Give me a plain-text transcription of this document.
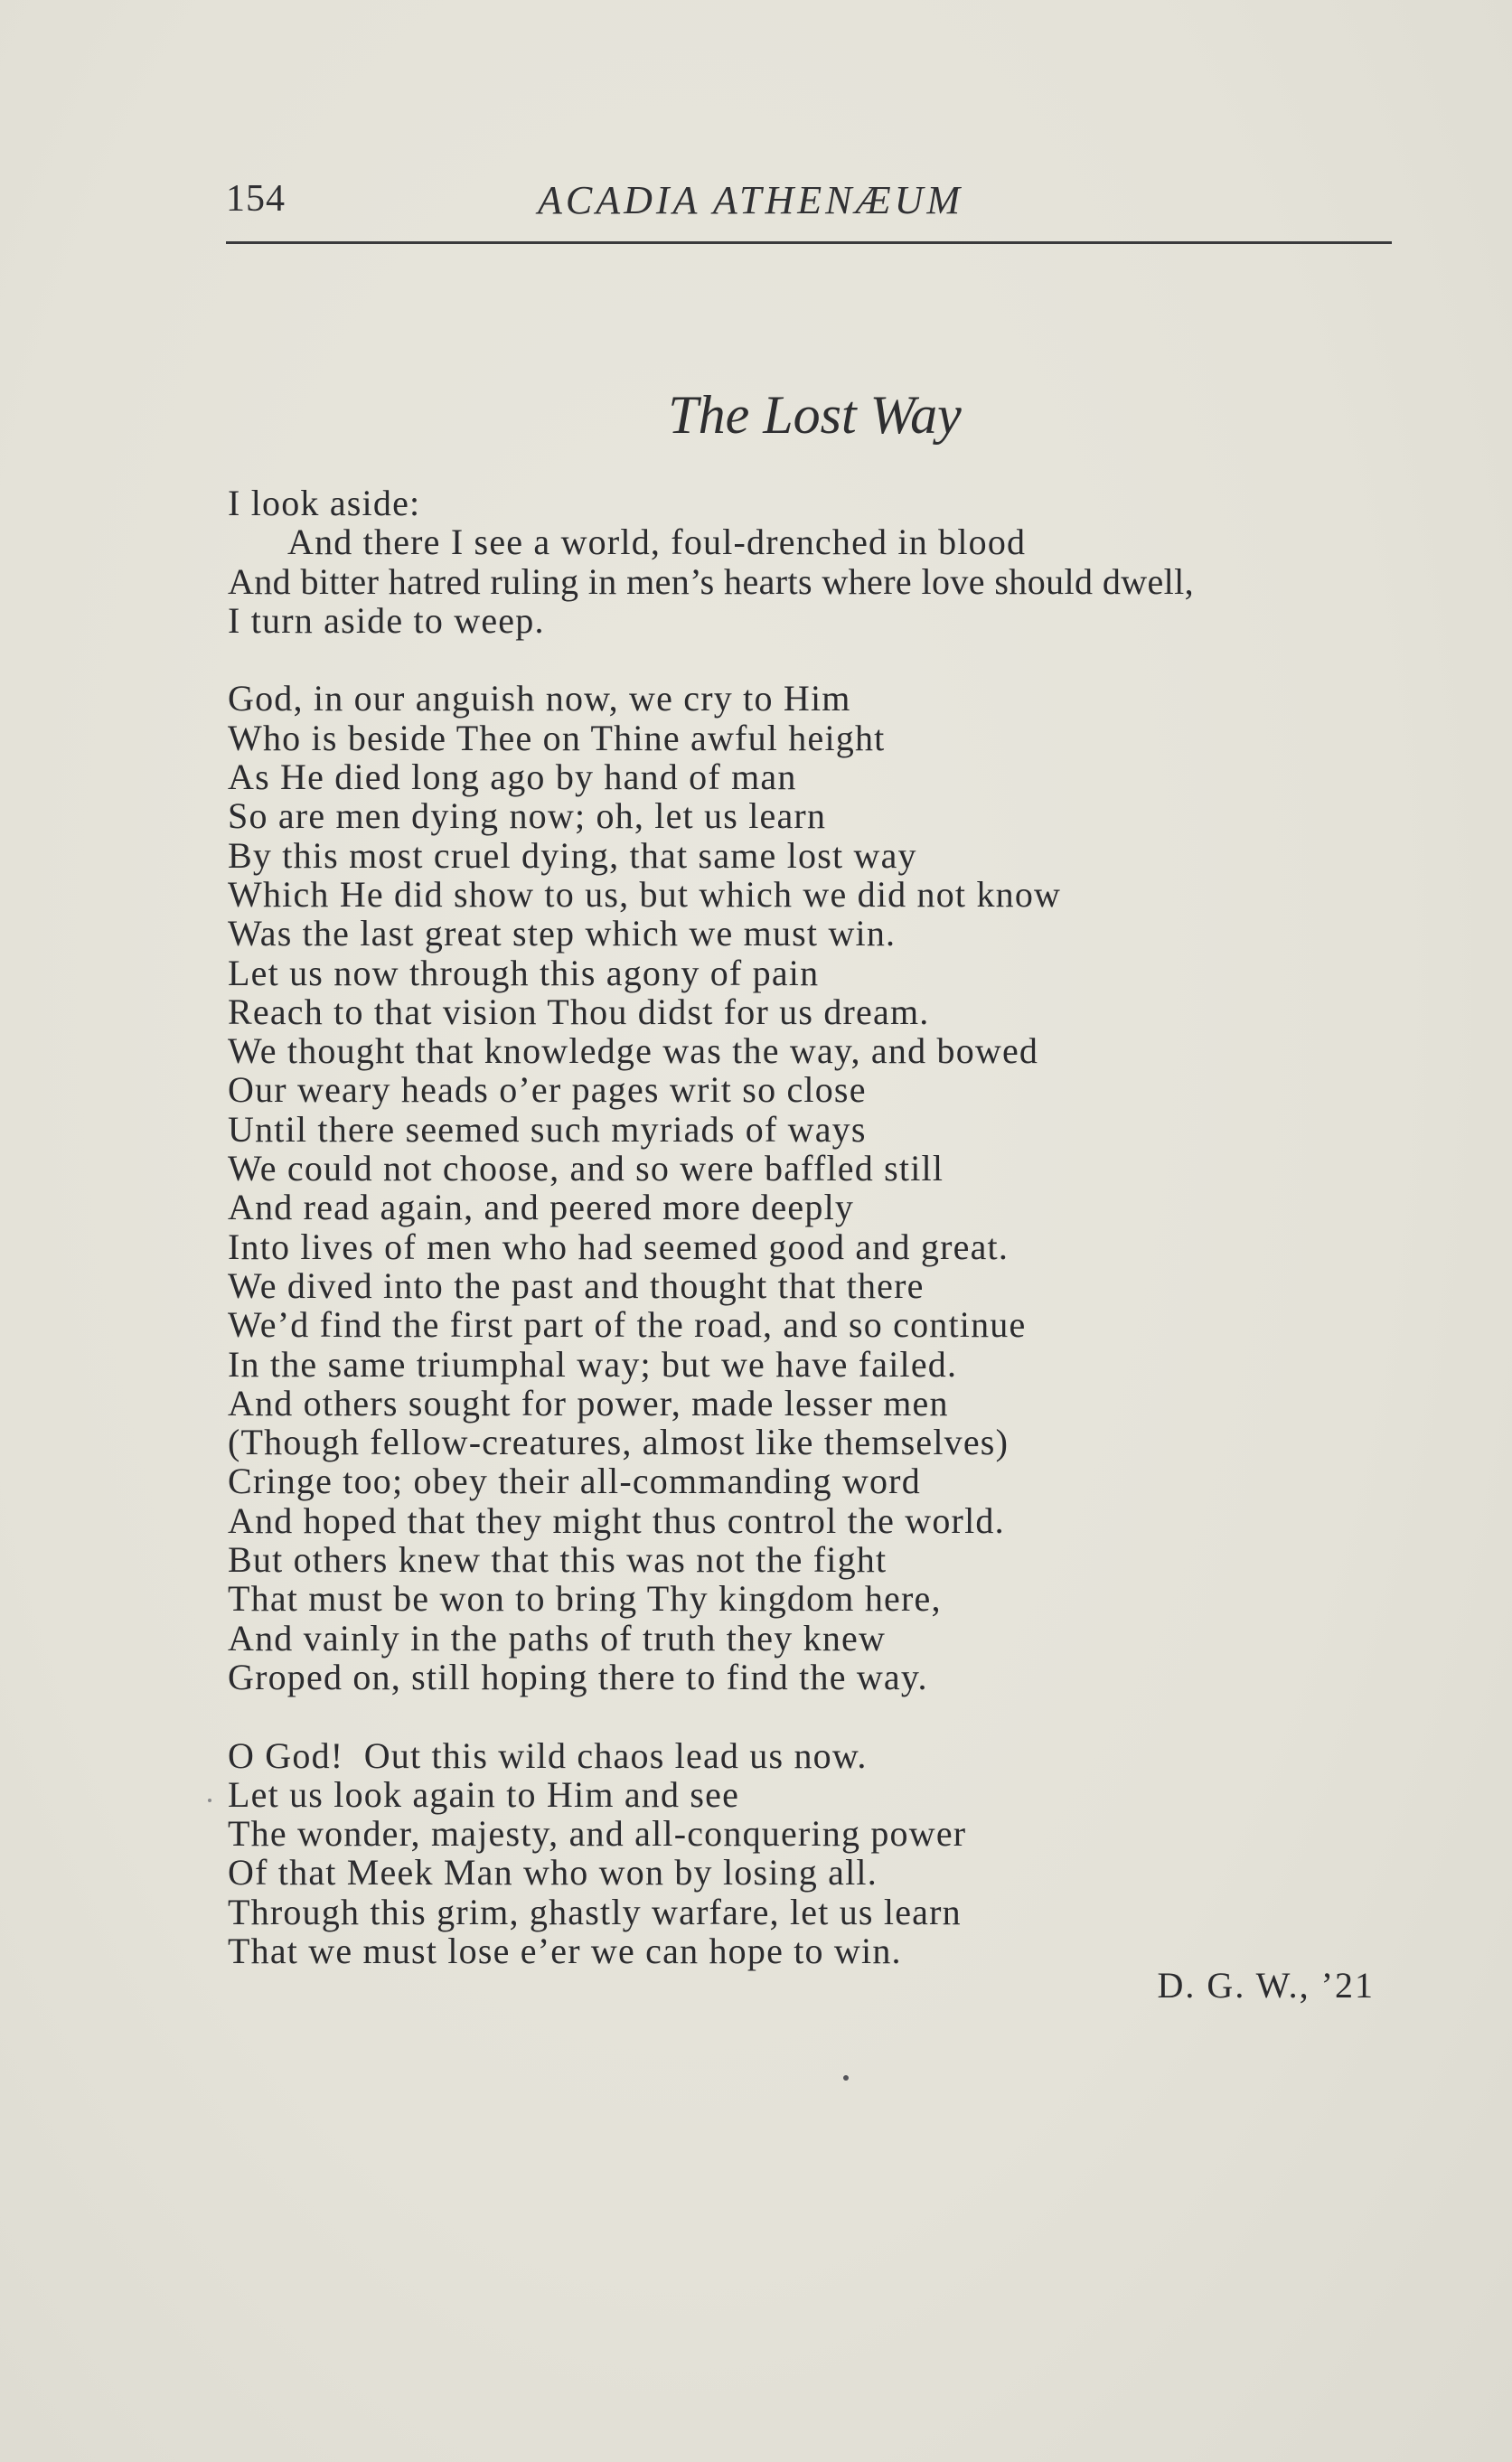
154	ACADIA ATHENÆUM
The Lost Way
I look aside:
And there I see a world, foul-drenched in blood
And bitter hatred ruling in men’s hearts where love should dwell,
I turn aside to weep.
God, in our anguish now, we cry to Him
Who is beside Thee on Thine awful height
As He died long ago by hand of man
So are men dying now; oh, let us learn
By this most cruel dying, that same lost way
Which He did show to us, but which we did not know
Was the last great step which we must win.
Let us now through this agony of pain
Reach to that vision Thou didst for us dream.
We thought that knowledge was the way, and bowed
Our weary heads o’er pages writ so close
Until there seemed such myriads of ways
We could not choose, and so were baffled still
And read again, and peered more deeply
Into lives of men who had seemed good and great.
We dived into the past and thought that there
We’d find the first part of the road, and so continue
In the same triumphal way; but we have failed.
And others sought for power, made lesser men
(Though fellow-creatures, almost like themselves)
Cringe too; obey their all-commanding word
And hoped that they might thus control the world.
But others knew that this was not the fight
That must be won to bring Thy kingdom here,
And vainly in the paths of truth they knew
Groped on, still hoping there to find the way.
O God!  Out this wild chaos lead us now.
Let us look again to Him and see
The wonder, majesty, and all-conquering power
Of that Meek Man who won by losing all.
Through this grim, ghastly warfare, let us learn
That we must lose e’er we can hope to win.
D. G. W., ’21
